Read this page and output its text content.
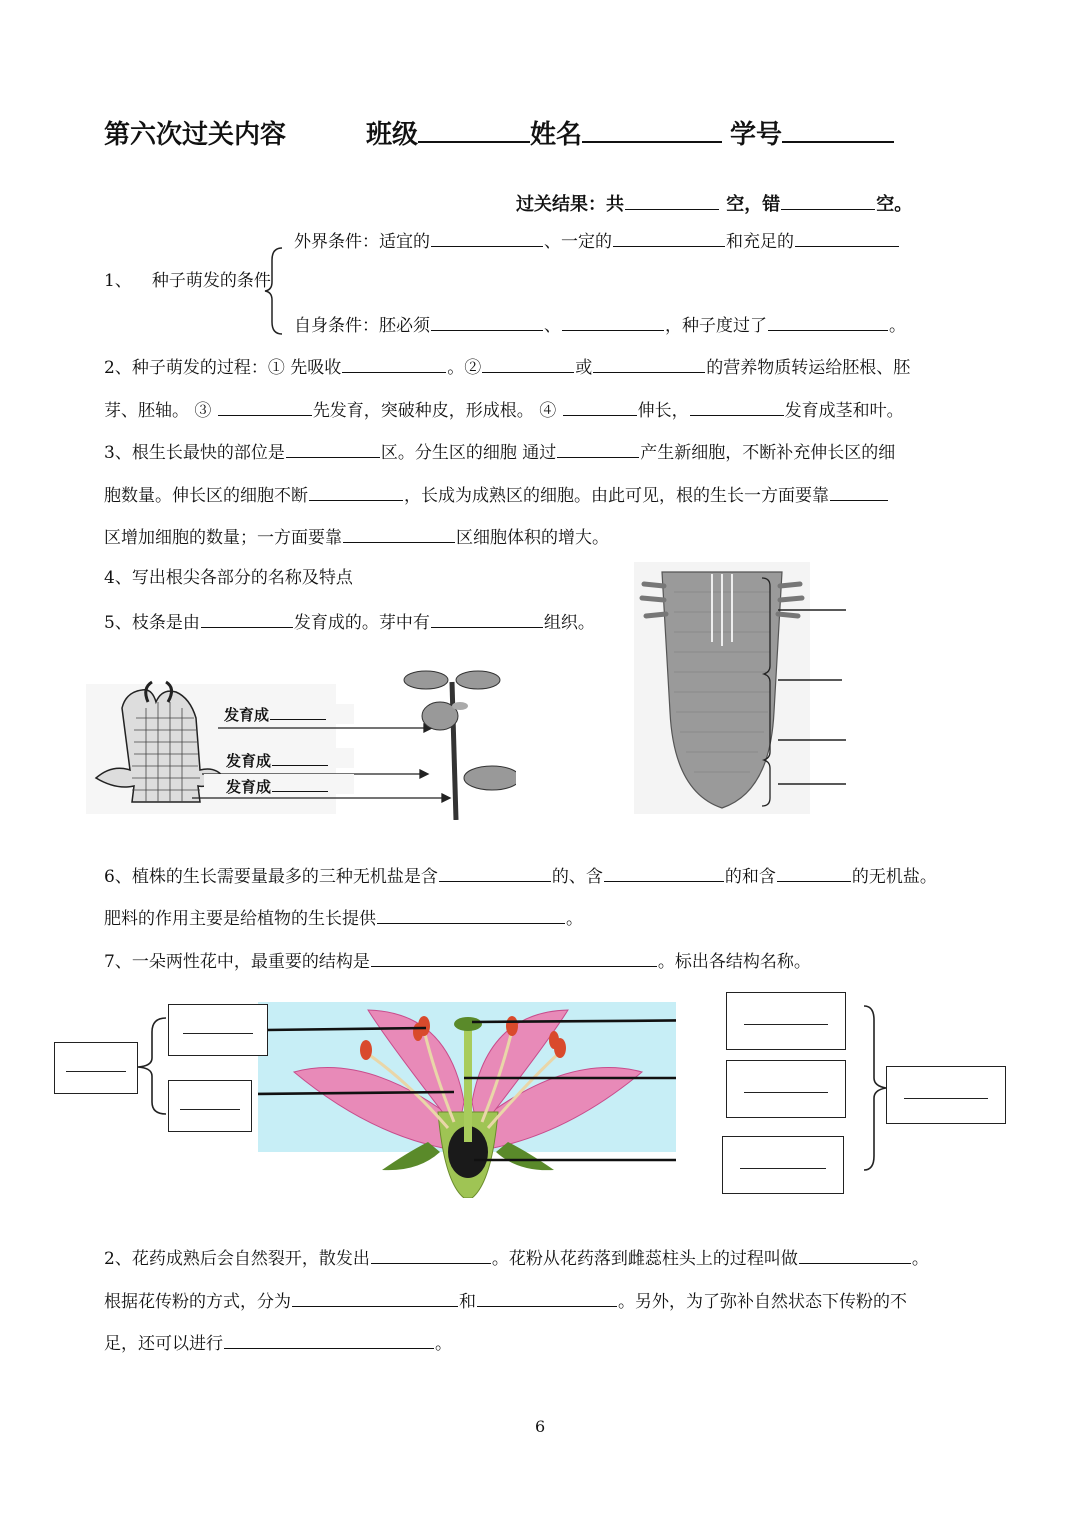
第六次过关内容	班级	姓名	学号
过关结果：共	空，错	空。
外界条件：适宜的	、一定的	和充足的
1、 种子萌发的条件
自身条件：胚必须	、	，种子度过了	。
2、种子萌发的过程：① 先吸收	。②	或	的营养物质转运给胚根、胚
芽、胚轴。 ③	先发育，突破种皮，形成根。 ④	伸长，	发育成茎和叶。
3、根生长最快的部位是	区。分生区的细胞 通过	产生新细胞，不断补充伸长区的细
胞数量。伸长区的细胞不断	，长成为成熟区的细胞。由此可见，根的生长一方面要靠
区增加细胞的数量；一方面要靠	区细胞体积的增大。
4、写出根尖各部分的名称及特点
5、枝条是由	发育成的。芽中有	组织。
发育成
发育成
发育成
6、植株的生长需要量最多的三种无机盐是含	的、含	的和含	的无机盐。
肥料的作用主要是给植物的生长提供	。
7、一朵两性花中，最重要的结构是	。标出各结构名称。
2、花药成熟后会自然裂开，散发出	。花粉从花药落到雌蕊柱头上的过程叫做	。
根据花传粉的方式，分为	和	。另外，为了弥补自然状态下传粉的不
足，还可以进行	。
6
